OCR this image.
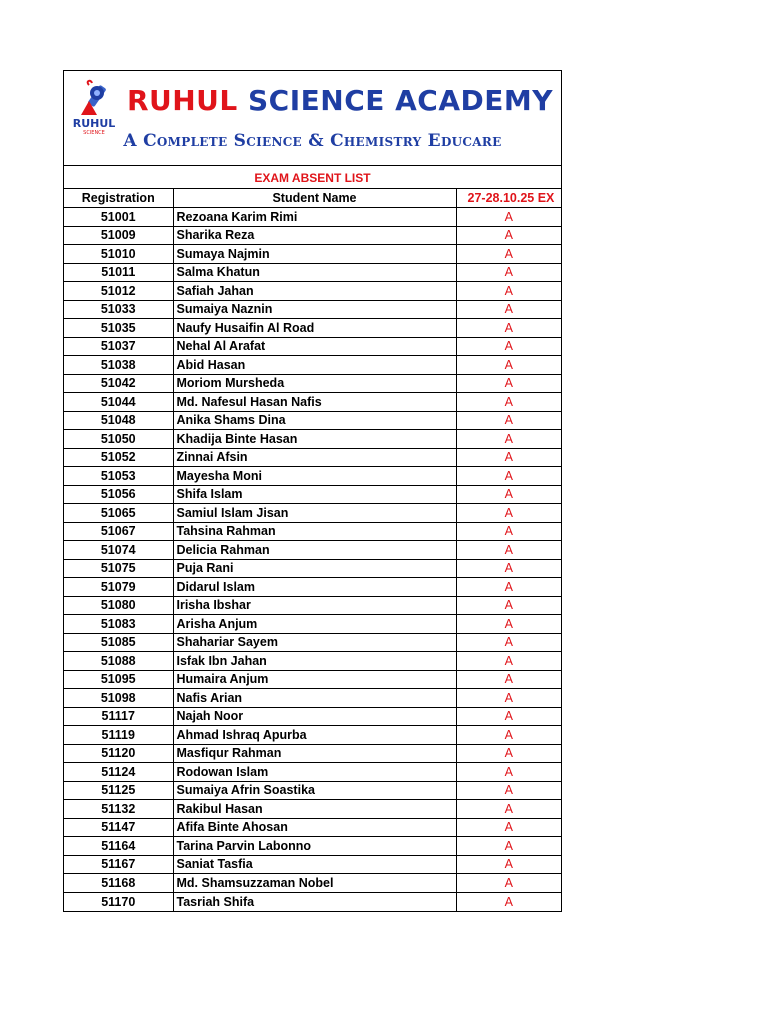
RUHUL
SCIENCE
RUHUL SCIENCE ACADEMY
A Complete Science & Chemistry Educare
EXAM ABSENT LIST
Registration	Student Name	27-28.10.25 EX
51001	Rezoana Karim Rimi	A
51009	Sharika Reza	A
51010	Sumaya Najmin	A
51011	Salma Khatun	A
51012	Safiah Jahan	A
51033	Sumaiya Naznin	A
51035	Naufy Husaifin Al Road	A
51037	Nehal Al Arafat	A
51038	Abid Hasan	A
51042	Moriom Mursheda	A
51044	Md. Nafesul Hasan Nafis	A
51048	Anika Shams Dina	A
51050	Khadija Binte Hasan	A
51052	Zinnai Afsin	A
51053	Mayesha Moni	A
51056	Shifa Islam	A
51065	Samiul Islam Jisan	A
51067	Tahsina Rahman	A
51074	Delicia Rahman	A
51075	Puja Rani	A
51079	Didarul Islam	A
51080	Irisha Ibshar	A
51083	Arisha Anjum	A
51085	Shahariar Sayem	A
51088	Isfak Ibn Jahan	A
51095	Humaira Anjum	A
51098	Nafis Arian	A
51117	Najah Noor	A
51119	Ahmad Ishraq Apurba	A
51120	Masfiqur Rahman	A
51124	Rodowan Islam	A
51125	Sumaiya Afrin Soastika	A
51132	Rakibul Hasan	A
51147	Afifa Binte Ahosan	A
51164	Tarina Parvin Labonno	A
51167	Saniat Tasfia	A
51168	Md. Shamsuzzaman Nobel	A
51170	Tasriah Shifa	A
